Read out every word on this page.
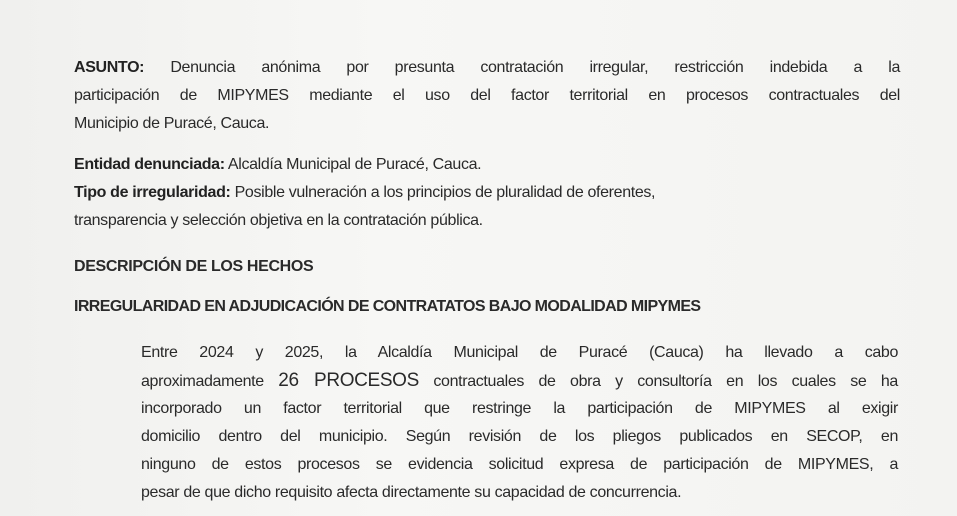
ASUNTO: Denuncia anónima por presunta contratación irregular, restricción indebida a la
participación de MIPYMES mediante el uso del factor territorial en procesos contractuales del
Municipio de Puracé, Cauca.
Entidad denunciada: Alcaldía Municipal de Puracé, Cauca.
Tipo de irregularidad: Posible vulneración a los principios de pluralidad de oferentes,
transparencia y selección objetiva en la contratación pública.
DESCRIPCIÓN DE LOS HECHOS
IRREGULARIDAD EN ADJUDICACIÓN DE CONTRATATOS BAJO MODALIDAD MIPYMES
Entre 2024 y 2025, la Alcaldía Municipal de Puracé (Cauca) ha llevado a cabo
aproximadamente 26 PROCESOS contractuales de obra y consultoría en los cuales se ha
incorporado un factor territorial que restringe la participación de MIPYMES al exigir
domicilio dentro del municipio. Según revisión de los pliegos publicados en SECOP, en
ninguno de estos procesos se evidencia solicitud expresa de participación de MIPYMES, a
pesar de que dicho requisito afecta directamente su capacidad de concurrencia.
